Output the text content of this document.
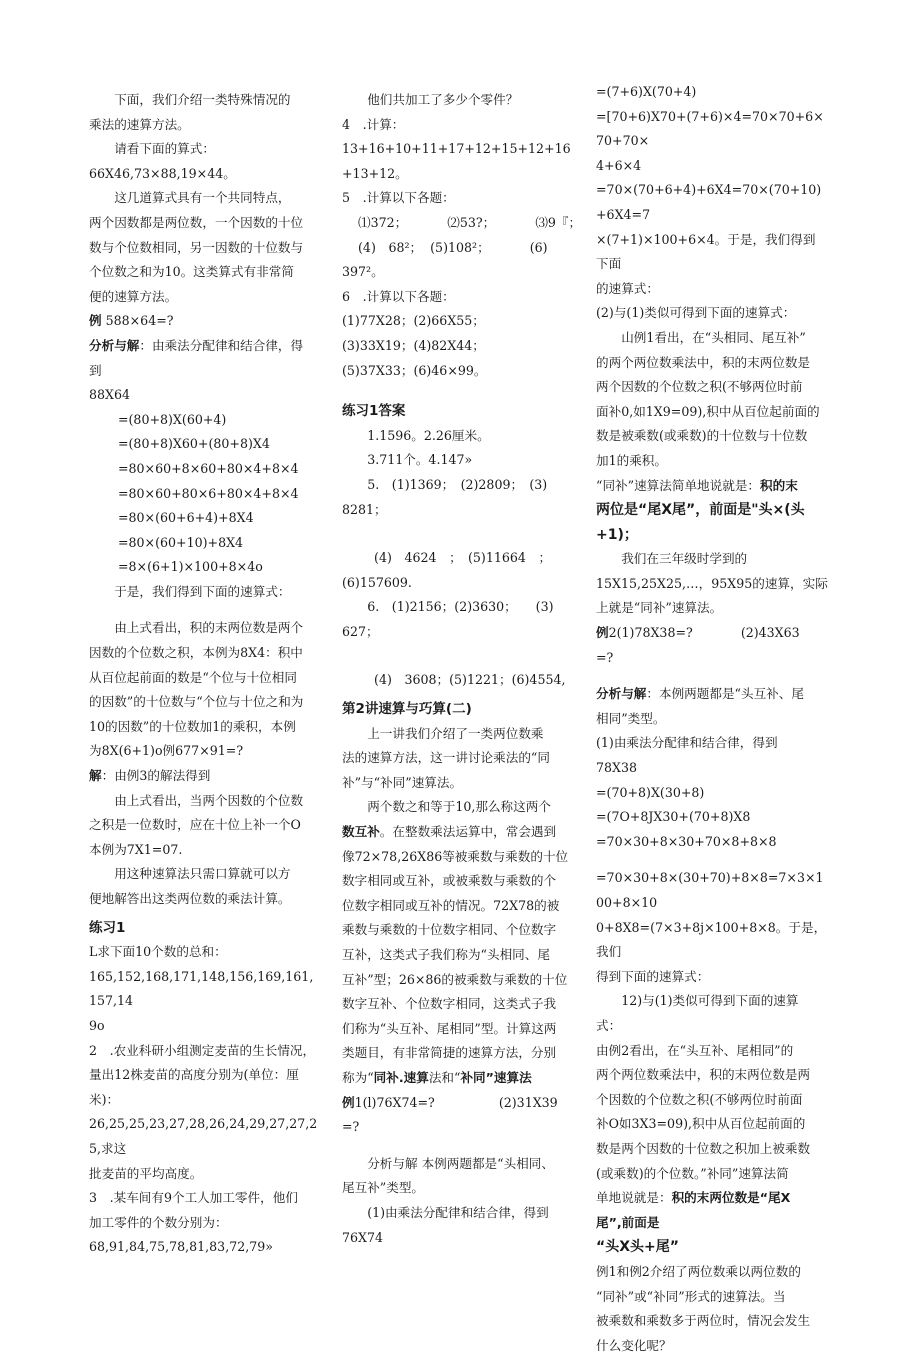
下面，我们介绍一类特殊情况的

乘法的速算方法。

请看下面的算式：

66X46,73×88,19×44。

这几道算式具有一个共同特点，

两个因数都是两位数，一个因数的十位

数与个位数相同，另一因数的十位数与

个位数之和为10。这类算式有非常简

便的速算方法。

例 588×64=?

分析与解：由乘法分配律和结合律，得

到

88X64

=(80+8)X(60+4)

=(80+8)X60+(80+8)X4

=80×60+8×60+80×4+8×4

=80×60+80×6+80×4+8×4

=80×(60+6+4)+8X4

=80×(60+10)+8X4

=8×(6+1)×100+8×4o

于是，我们得到下面的速算式：

由上式看出，积的末两位数是两个

因数的个位数之积，本例为8X4：积中

从百位起前面的数是“个位与十位相同

的因数”的十位数与“个位与十位之和为

10的因数”的十位数加1的乘积，本例

为8X(6+1)o例677×91=?

解：由例3的解法得到

由上式看出，当两个因数的个位数

之积是一位数时，应在十位上补一个O

本例为7X1=07.

用这种速算法只需口算就可以方

便地解答出这类两位数的乘法计算。

练习1

L求下面10个数的总和：

165,152,168,171,148,156,169,161,157,14

9o

2　.农业科研小组测定麦苗的生长情况，

量出12株麦苗的高度分别为(单位：厘

米)：

26,25,25,23,27,28,26,24,29,27,27,25,求这

批麦苗的平均高度。

3　.某车间有9个工人加工零件，他们

加工零件的个数分别为：

68,91,84,75,78,81,83,72,79»

他们共加工了多少个零件？

4　.计算：

13+16+10+11+17+12+15+12+16+13+12。

5　.计算以下各题：

⑴372；	⑵53?；	⑶9『；

(4)　68²； (5)108²；	(6)

397²。

6　.计算以下各题：

(1)77X28；(2)66X55；

(3)33X19；(4)82X44；

(5)37X33；(6)46×99。

练习1答案

1.1596。2.26厘米。

3.711个。4.147»

5.　(1)1369；　(2)2809；　(3)

8281；

(4)　4624　；　(5)11664　；

(6)157609.

6.　(1)2156；(2)3630；　　(3)

627；

(4)　3608；(5)1221；(6)4554,

第2讲速算与巧算(二)

上一讲我们介绍了一类两位数乘

法的速算方法，这一讲讨论乘法的“同

补”与“补同”速算法。

两个数之和等于10,那么称这两个

数互补。在整数乘法运算中，常会遇到

像72×78,26X86等被乘数与乘数的十位

数字相同或互补，或被乘数与乘数的个

位数字相同或互补的情况。72X78的被

乘数与乘数的十位数字相同、个位数字

互补，这类式子我们称为“头相同、尾

互补”型；26×86的被乘数与乘数的十位

数字互补、个位数字相同，这类式子我

们称为“头互补、尾相同”型。计算这两

类题目，有非常简捷的速算方法，分别

称为“同补.速算法和“补同”速算法

例1(l)76X74=?	(2)31X39

=?

分析与解 本例两题都是“头相同、

尾互补”类型。

(1)由乘法分配律和结合律，得到

76X74

=(7+6)X(70+4)

=[70+6)X70+(7+6)×4=70×70+6×70+70×

4+6×4

=70×(70+6+4)+6X4=70×(70+10)+6X4=7

×(7+1)×100+6×4。于是，我们得到下面

的速算式：

(2)与(1)类似可得到下面的速算式：

山例1看出，在“头相同、尾互补”

的两个两位数乘法中，积的末两位数是

两个因数的个位数之积(不够两位时前

面补0,如1X9=09),积中从百位起前面的

数是被乘数(或乘数)的十位数与十位数

加1的乘积。

“同补”速算法简单地说就是：积的末

两位是“尾X尾”，前面是"头×(头

+1)；

我们在三年级时学到的

15X15,25X25,…，95X95的速算，实际

上就是“同补”速算法。

例2(1)78X38=?	(2)43X63

=?

分析与解：本例两题都是“头互补、尾

相同”类型。

(1)由乘法分配律和结合律，得到

78X38

=(70+8)X(30+8)

=(7O+8JX30+(70+8)X8

=70×30+8×30+70×8+8×8

=70×30+8×(30+70)+8×8=7×3×100+8×10

0+8X8=(7×3+8j×100+8×8。于是，我们

得到下面的速算式：

12)与(1)类似可得到下面的速算

式：

由例2看出，在“头互补、尾相同”的

两个两位数乘法中，积的末两位数是两

个因数的个位数之积(不够两位时前面

补O如3X3=09),积中从百位起前面的

数是两个因数的十位数之积加上被乘数

(或乘数)的个位数。”补同”速算法简

单地说就是：积的末两位数是“尾X

尾”,前面是

“头X头+尾”

例1和例2介绍了两位数乘以两位数的

“同补”或“补同”形式的速算法。当

被乘数和乘数多于两位时，情况会发生

什么变化呢？
